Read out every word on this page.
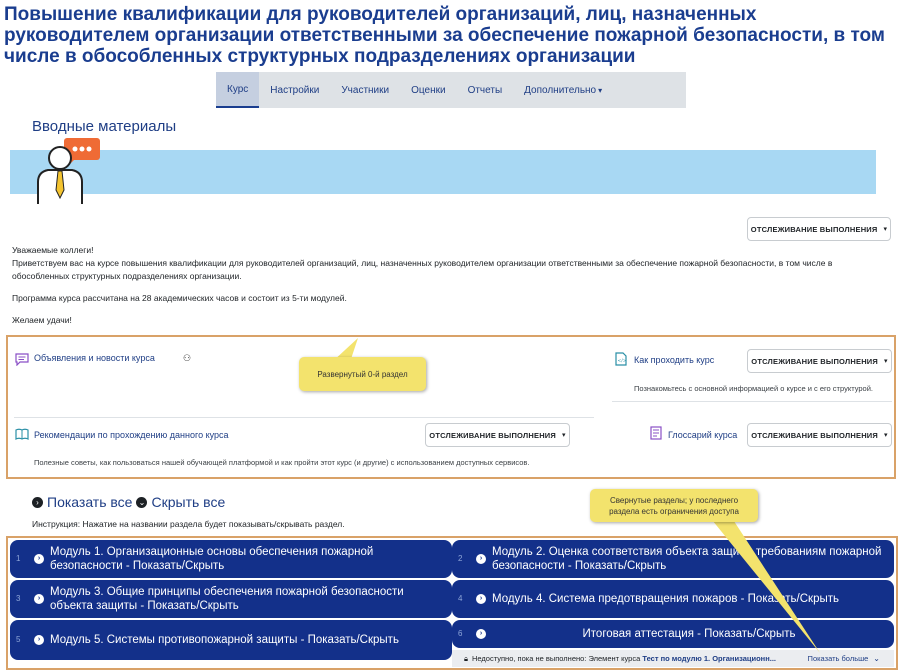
Повышение квалификации для руководителей организаций, лиц, назначенных руководителем организации ответственными за обеспечение пожарной безопасности, в том числе в обособленных структурных подразделениях организации
Курс Настройки Участники Оценки Отчеты Дополнительно ▾
Вводные материалы
ОТСЛЕЖИВАНИЕ ВЫПОЛНЕНИЯ ▾
Уважаемые коллеги!

Приветствуем вас на курсе повышения квалификации для руководителей организаций, лиц, назначенных руководителем организации ответственными за обеспечение пожарной безопасности, в том числе в обособленных структурных подразделениях организации.

Программа курса рассчитана на 28 академических часов и состоит из 5-ти модулей.

Желаем удачи!

Объявления и новости курса	⚇	</> Как проходить курс	ОТСЛЕЖИВАНИЕ ВЫПОЛНЕНИЯ ▾
Познакомьтесь с основной информацией о курсе и с его структурой.
Рекомендации по прохождению данного курса	ОТСЛЕЖИВАНИЕ ВЫПОЛНЕНИЯ ▾
Полезные советы, как пользоваться нашей обучающей платформой и как пройти этот курс (и другие) с использованием доступных сервисов.
Глоссарий курса ОТСЛЕЖИВАНИЕ ВЫПОЛНЕНИЯ ▾
Развернутый 0-й раздел
› Показать все ⌄ Скрыть все
Инструкция: Нажатие на названии раздела будет показывать/скрывать раздел.
1	›
Модуль 1. Организационные основы обеспечения пожарной безопасности - Показать/Скрыть
2	›
Модуль 2. Оценка соответствия объекта защиты требованиям пожарной безопасности - Показать/Скрыть
3	›
Модуль 3. Общие принципы обеспечения пожарной безопасности объекта защиты - Показать/Скрыть
4	› Модуль 4. Система предотвращения пожаров - Показать/Скрыть
5	› Модуль 5. Системы противопожарной защиты - Показать/Скрыть
6	›	Итоговая аттестация - Показать/Скрыть
🔒︎ Недоступно, пока не выполнено: Элемент курса
Тест по модулю 1. Организационн...	Показать больше ⌄
Свернутые разделы; у последнего раздела есть ограничения доступа
